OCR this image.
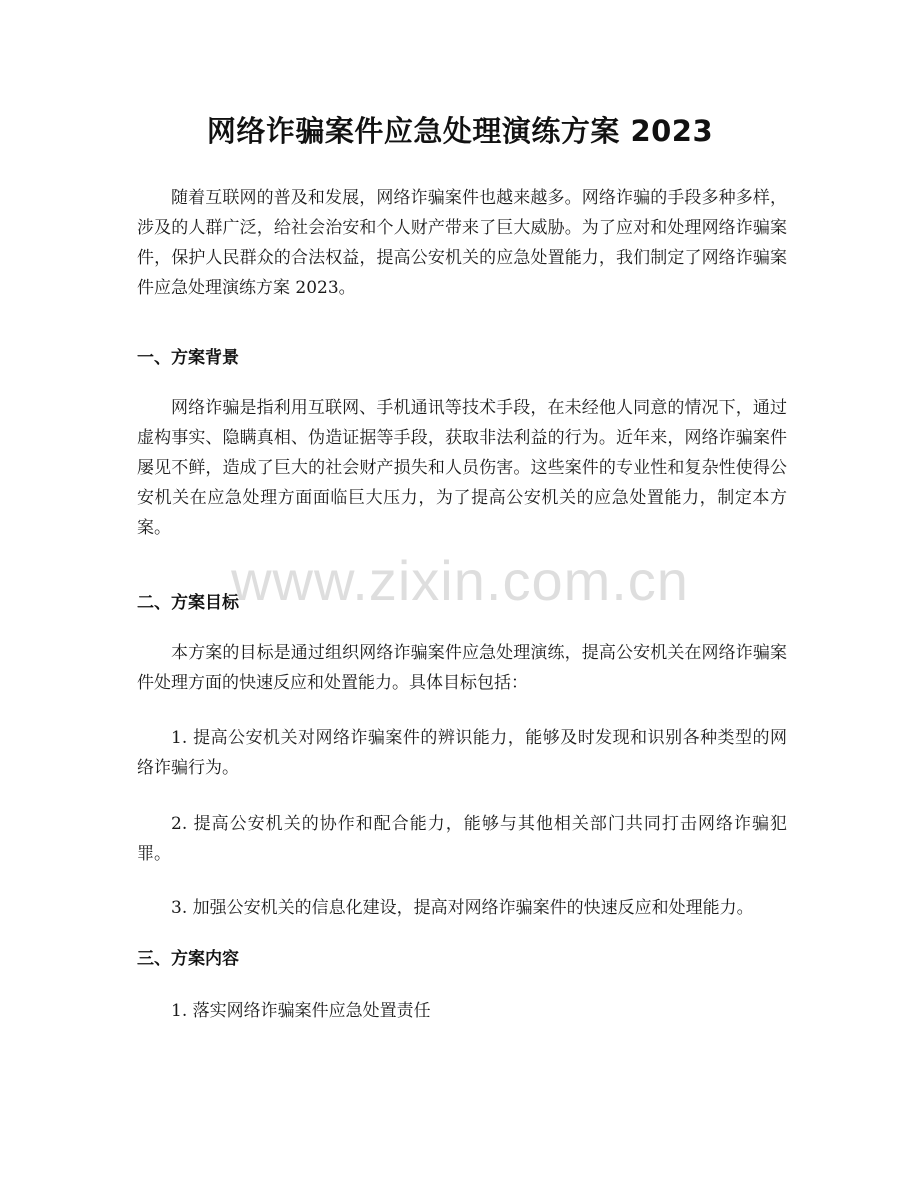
网络诈骗案件应急处理演练方案 2023
随着互联网的普及和发展，网络诈骗案件也越来越多。网络诈骗的手段多种多样，涉及的人群广泛，给社会治安和个人财产带来了巨大威胁。为了应对和处理网络诈骗案件，保护人民群众的合法权益，提高公安机关的应急处置能力，我们制定了网络诈骗案件应急处理演练方案 2023。
一、方案背景
网络诈骗是指利用互联网、手机通讯等技术手段，在未经他人同意的情况下，通过虚构事实、隐瞒真相、伪造证据等手段，获取非法利益的行为。近年来，网络诈骗案件屡见不鲜，造成了巨大的社会财产损失和人员伤害。这些案件的专业性和复杂性使得公安机关在应急处理方面面临巨大压力，为了提高公安机关的应急处置能力，制定本方案。
二、方案目标
本方案的目标是通过组织网络诈骗案件应急处理演练，提高公安机关在网络诈骗案件处理方面的快速反应和处置能力。具体目标包括：
1. 提高公安机关对网络诈骗案件的辨识能力，能够及时发现和识别各种类型的网络诈骗行为。
2. 提高公安机关的协作和配合能力，能够与其他相关部门共同打击网络诈骗犯罪。
3. 加强公安机关的信息化建设，提高对网络诈骗案件的快速反应和处理能力。
三、方案内容
1. 落实网络诈骗案件应急处置责任
www.zixin.com.cn
